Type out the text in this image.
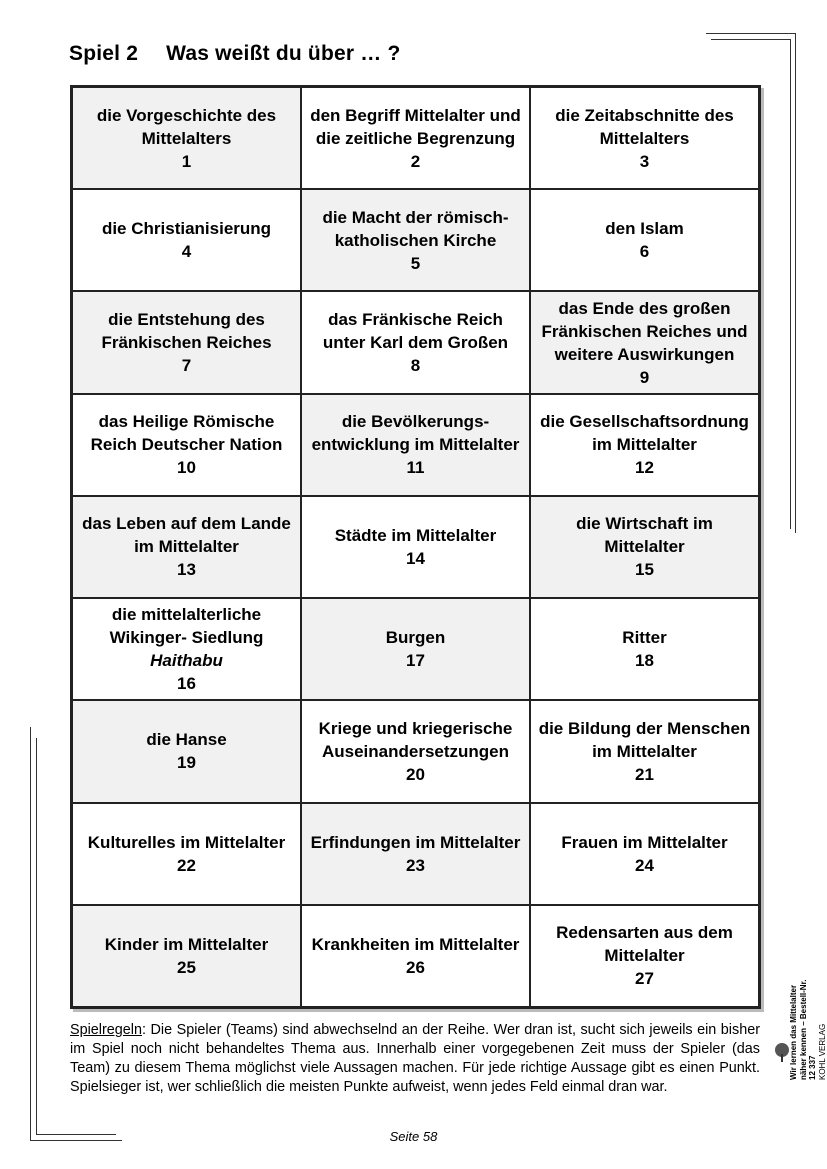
Spiel 2 Was weißt du über … ?
die Vorgeschichte des
Mittelalters
1
den Begriff Mittelalter und
die zeitliche Begrenzung
2
die Zeitabschnitte des
Mittelalters
3
die Christianisierung
4
die Macht der römisch-
katholischen Kirche
5
den Islam
6
die Entstehung des
Fränkischen Reiches
7
das Fränkische Reich
unter Karl dem Großen
8
das Ende des großen
Fränkischen Reiches und
weitere Auswirkungen
9
das Heilige Römische
Reich Deutscher Nation
10
die Bevölkerungs-
entwicklung im Mittelalter
11
die Gesellschaftsordnung
im Mittelalter
12
das Leben auf dem Lande
im Mittelalter
13
Städte im Mittelalter
14
die Wirtschaft im
Mittelalter
15
die mittelalterliche
Wikinger- Siedlung
Haithabu
16
Burgen
17
Ritter
18
die Hanse
19
Kriege und kriegerische
Auseinandersetzungen
20
die Bildung der Menschen
im Mittelalter
21
Kulturelles im Mittelalter
22
Erfindungen im Mittelalter
23
Frauen im Mittelalter
24
Kinder im Mittelalter
25
Krankheiten im Mittelalter
26
Redensarten aus dem
Mittelalter
27
Spielregeln: Die Spieler (Teams) sind abwechselnd an der Reihe. Wer dran ist, sucht sich jeweils ein bisher im Spiel noch nicht behandeltes Thema aus. Innerhalb einer vorgegebenen Zeit muss der Spieler (das Team) zu diesem Thema möglichst viele Aussagen machen. Für jede richtige Aussage gibt es einen Punkt. Spielsieger ist, wer schließlich die meisten Punkte aufweist, wenn jedes Feld einmal dran war.
Seite 58
Wir lernen das Mittelalter näher kennen – Bestell-Nr. 12 337 KOHL VERLAG
